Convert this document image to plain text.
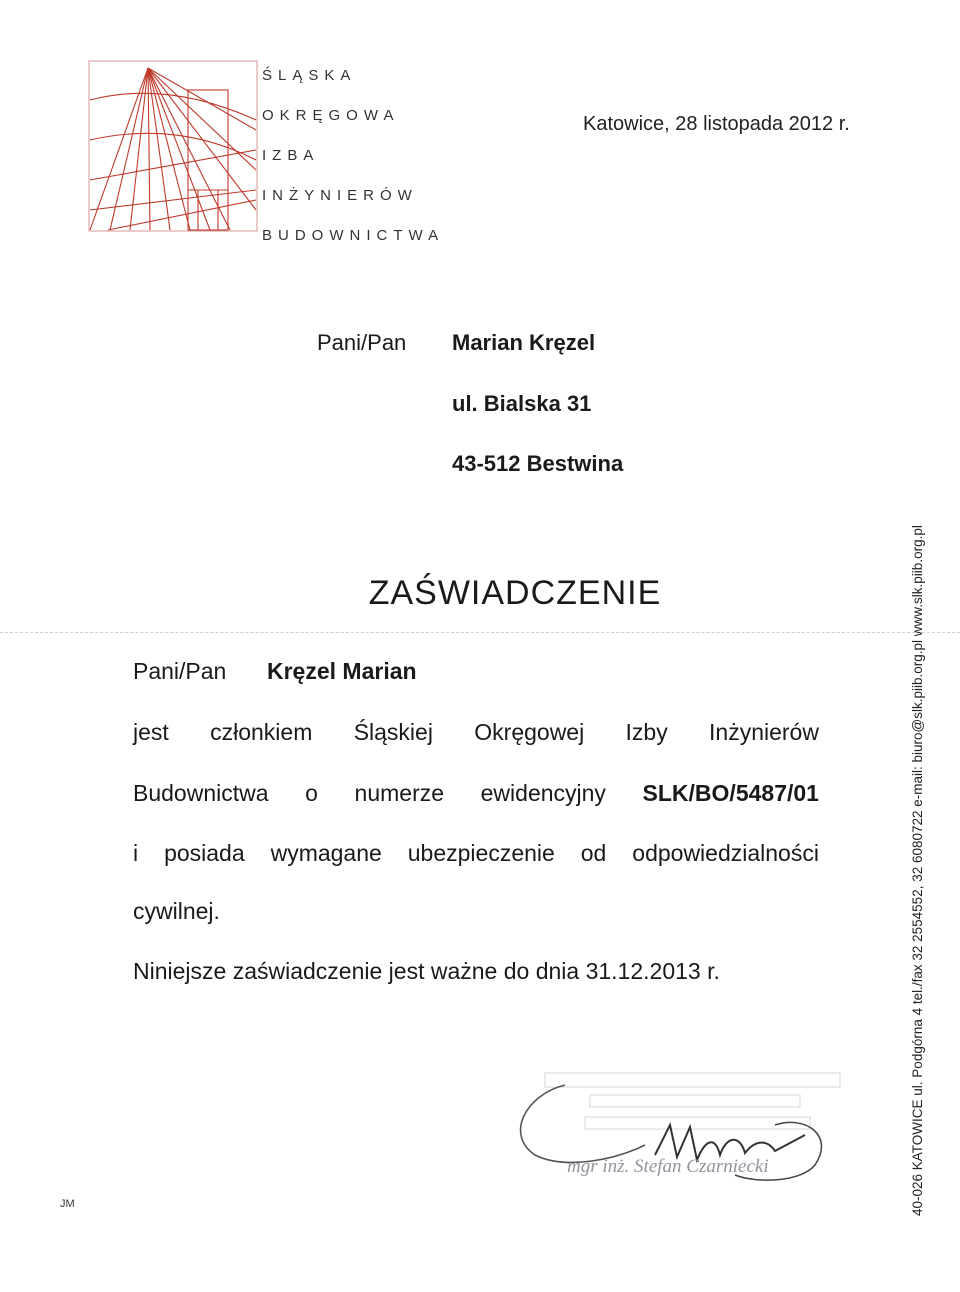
ŚLĄSKA
OKRĘGOWA
IZBA
INŻYNIERÓW
BUDOWNICTWA
Katowice, 28 listopada 2012 r.
Pani/Pan Marian Kręzel
ul. Bialska 31
43-512 Bestwina
ZAŚWIADCZENIE
Pani/Pan Kręzel Marian
jest członkiem Śląskiej Okręgowej Izby Inżynierów
Budownictwa o numerze ewidencyjny SLK/BO/5487/01
i posiada wymagane ubezpieczenie od odpowiedzialności
cywilnej.
Niniejsze zaświadczenie jest ważne do dnia 31.12.2013 r.
mgr inż. Stefan Czarniecki
JM	40-026 KATOWICE ul. Podgórna 4 tel./fax 32 2554552, 32 6080722 e-mail: biuro@slk.piib.org.pl www.slk.piib.org.pl
